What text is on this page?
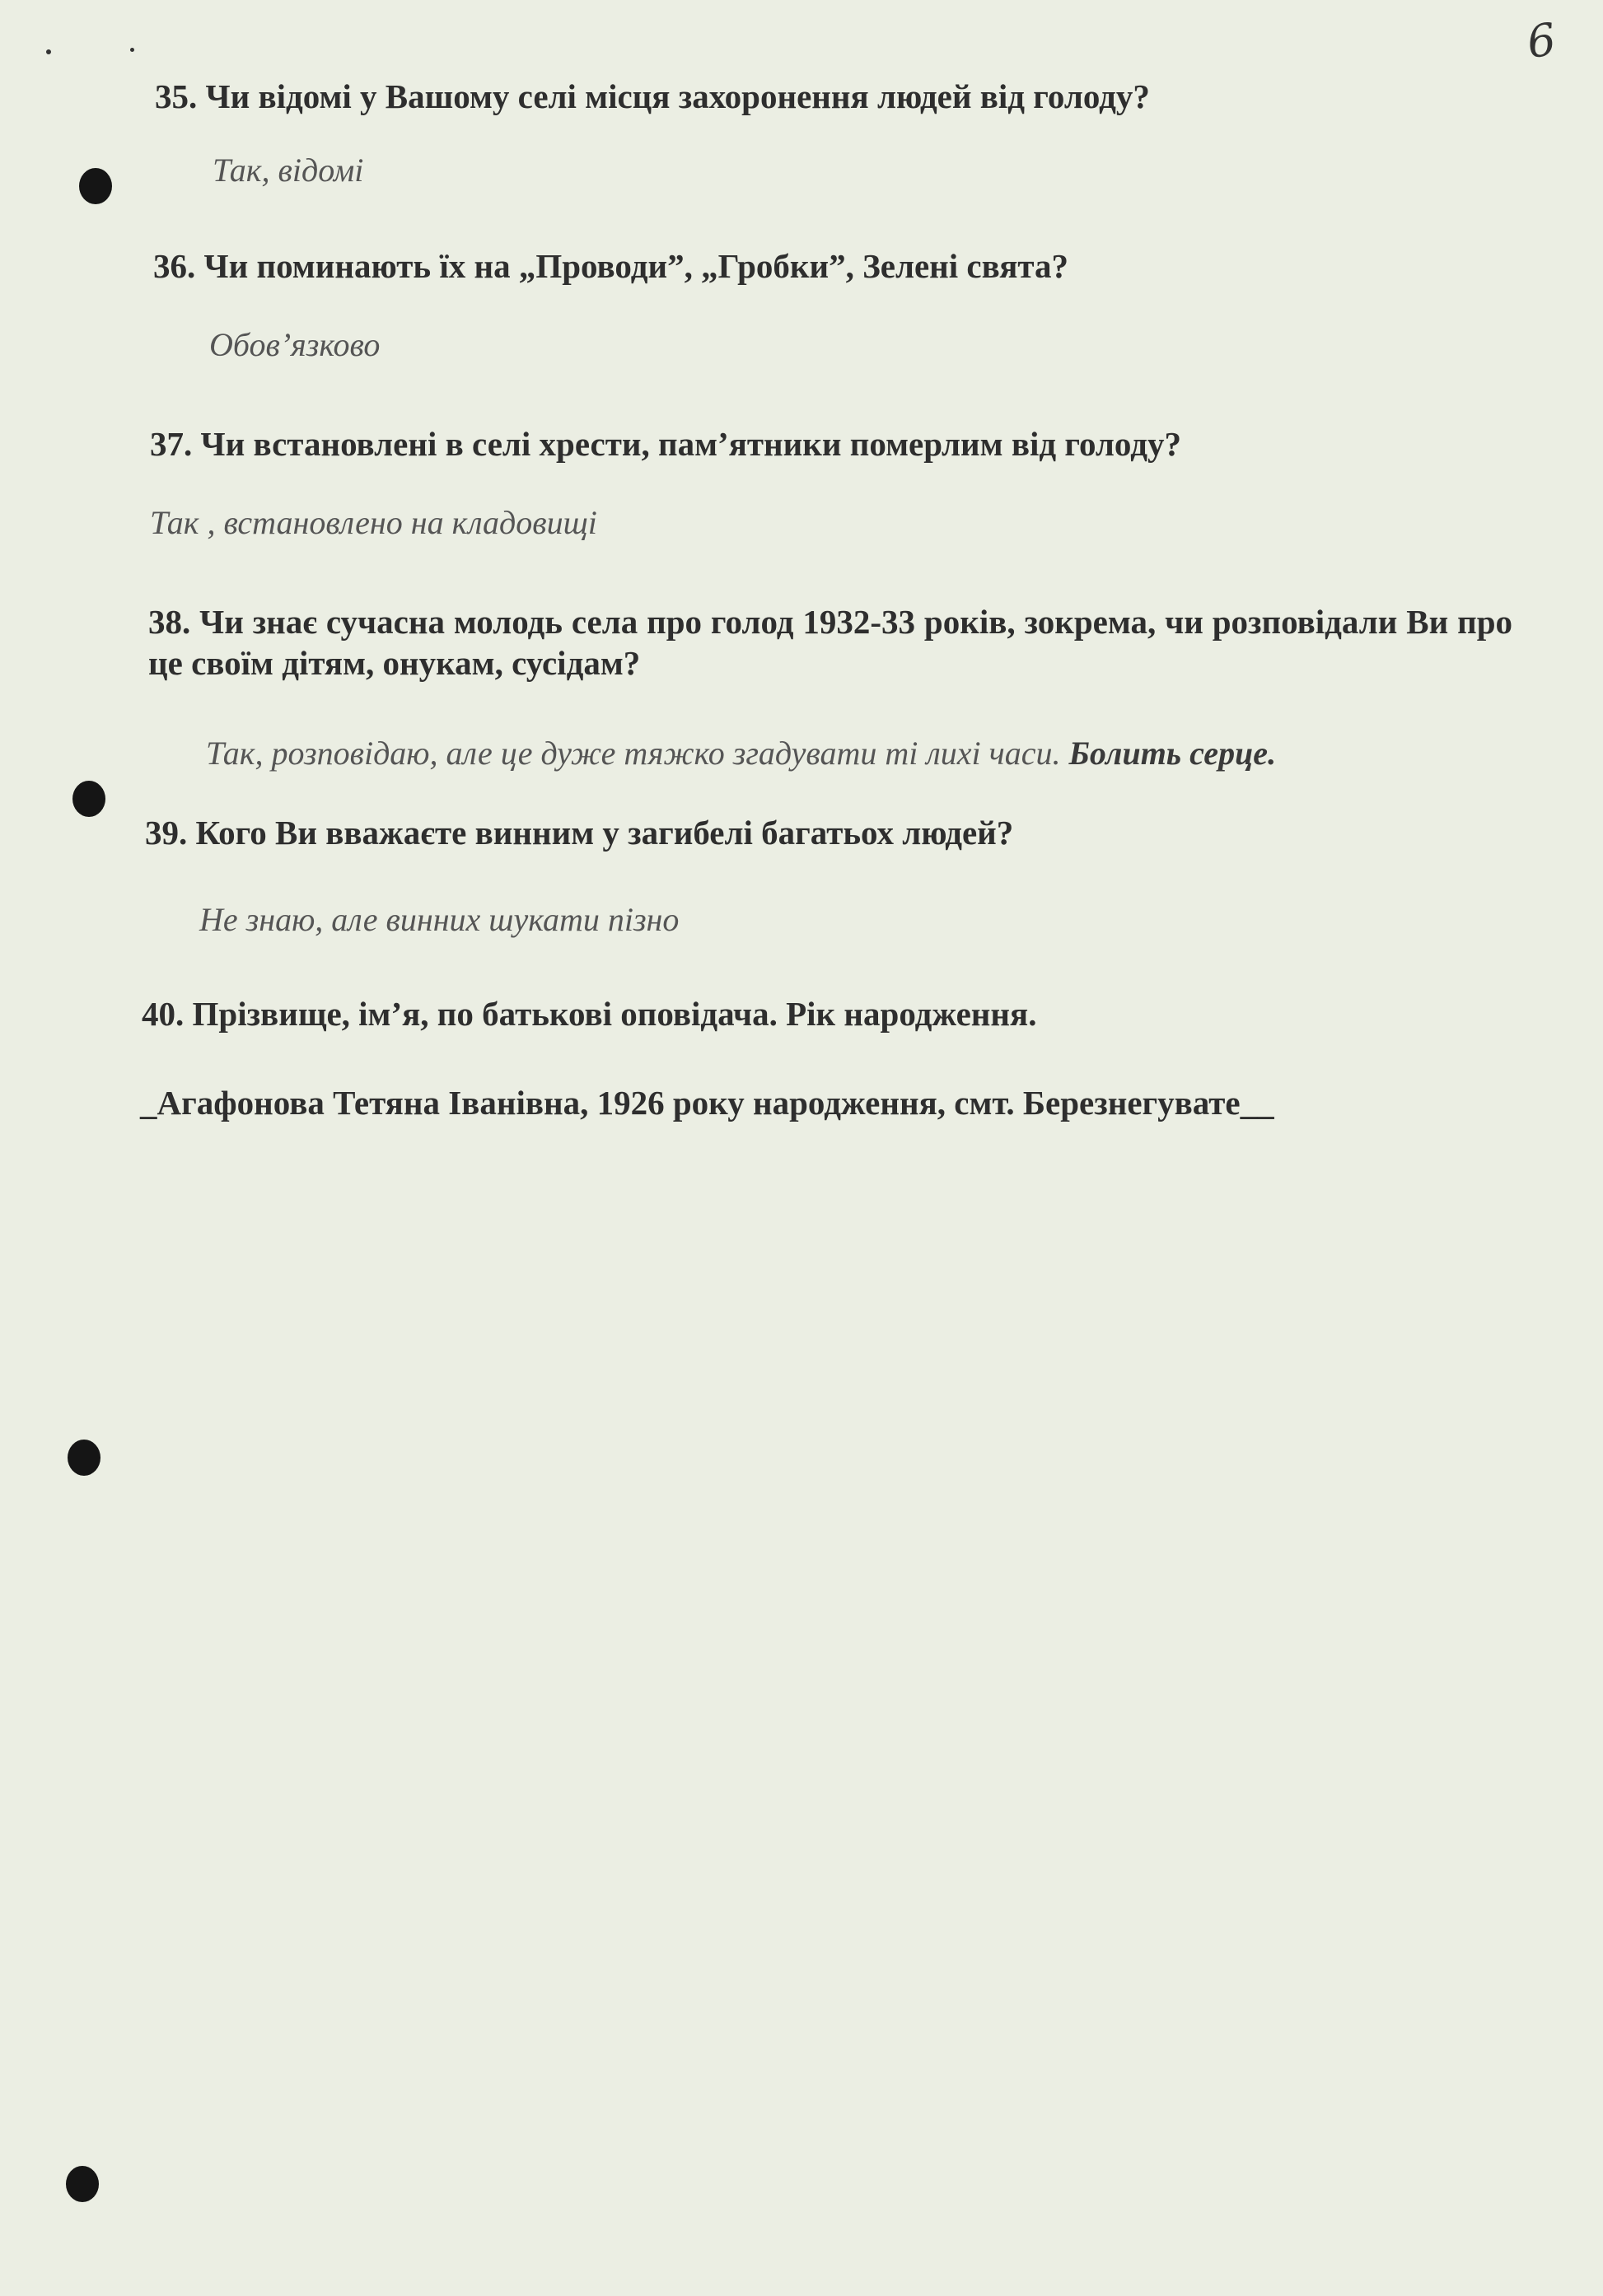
6
35. Чи відомі у Вашому селі місця захоронення людей від голоду?
Так, відомі
36. Чи поминають їх на „Проводи”, „Гробки”, Зелені свята?
Обов’язково
37. Чи встановлені в селі хрести, пам’ятники померлим від голоду?
Так , встановлено на кладовищі
38. Чи знає сучасна молодь села про голод 1932-33 років, зокрема, чи розповідали Ви про це своїм дітям, онукам, сусідам?
Так, розповідаю, але це дуже тяжко згадувати ті лихі часи. Болить серце.
39. Кого Ви вважаєте винним у загибелі багатьох людей?
Не знаю, але винних шукати пізно
40. Прізвище, ім’я, по батькові оповідача. Рік народження.
_Агафонова Тетяна Іванівна, 1926 року народження, смт. Березнегувате__
